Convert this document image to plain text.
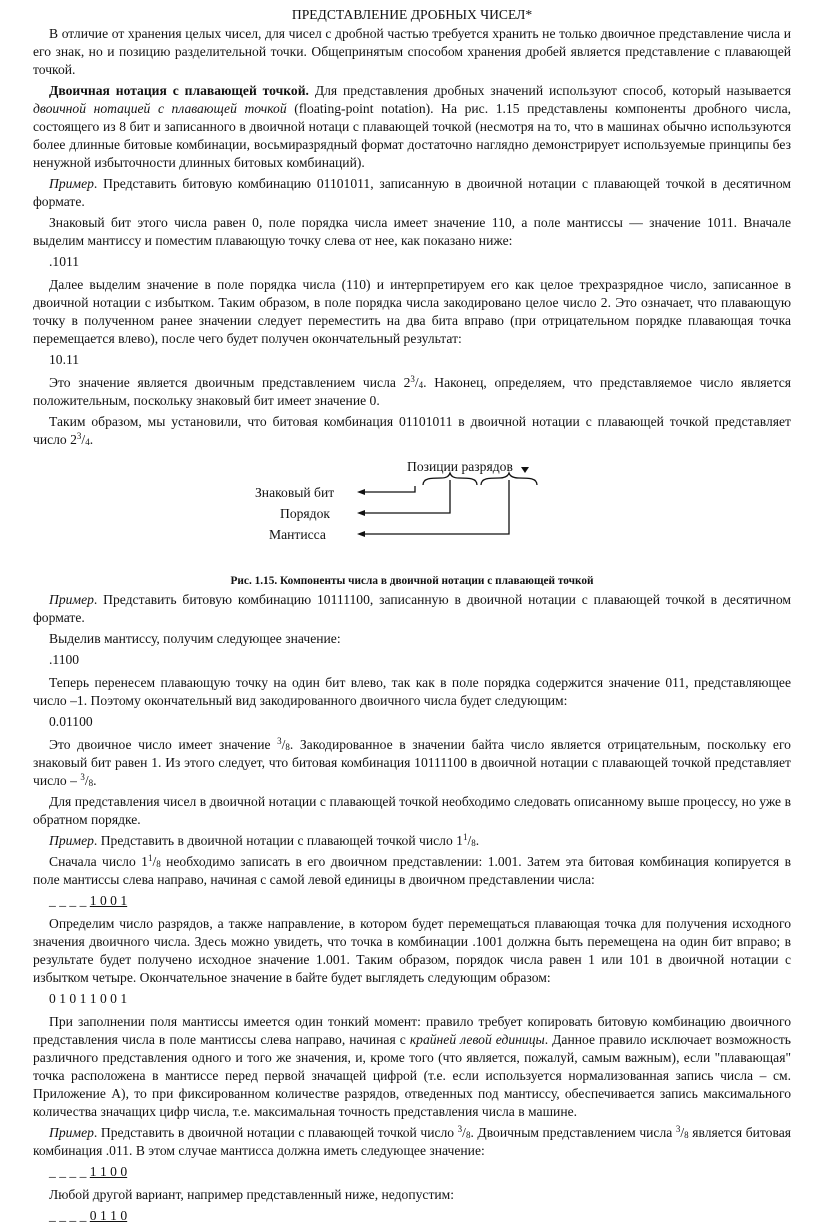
ПРЕДСТАВЛЕНИЕ ДРОБНЫХ ЧИСЕЛ*

В отличие от хранения целых чисел, для чисел с дробной частью требуется хранить не только двоичное представление числа и его знак, но и позицию разделительной точки. Общепринятым способом хранения дробей является представление с плавающей точкой.

Двоичная нотация с плавающей точкой. Для представления дробных значений используют способ, который называется двоичной нотацией с плавающей точкой (floating-point notation). На рис. 1.15 представлены компоненты дробного числа, состоящего из 8 бит и записанного в двоичной нотаци с плавающей точкой (несмотря на то, что в машинах обычно используются более длинные битовые комбинации, восьмиразрядный формат достаточно наглядно демонстрирует используемые принципы без ненужной избыточности длинных битовых комбинаций).

Пример. Представить битовую комбинацию 01101011, записанную в двоичной нотации с плавающей точкой в десятичном формате.

Знаковый бит этого числа равен 0, поле порядка числа имеет значение 110, а поле мантиссы — значение 1011. Вначале выделим мантиссу и поместим плавающую точку слева от нее, как показано ниже:

.1011

Далее выделим значение в поле порядка числа (110) и интерпретируем его как целое трехразрядное число, записанное в двоичной нотации с избытком. Таким образом, в поле порядка числа закодировано целое число 2. Это означает, что плавающую точку в полученном ранее значении следует переместить на два бита вправо (при отрицательном порядке плавающая точка перемещается влево), после чего будет получен окончательный результат:

10.11

Это значение является двоичным представлением числа $2^3/_4$. Наконец, определяем, что представляемое число является положительным, поскольку знаковый бит имеет значение 0.

Таким образом, мы установили, что битовая комбинация 01101011 в двоичной нотации с плавающей точкой представляет число $2^3/_4$.

Позиции разрядов
Знаковый бит
Порядок
Мантисса
Рис. 1.15. Компоненты числа в двоичной нотации с плавающей точкой

Пример. Представить битовую комбинацию 10111100, записанную в двоичной нотации с плавающей точкой в десятичном формате.

Выделив мантиссу, получим следующее значение:

.1100

Теперь перенесем плавающую точку на один бит влево, так как в поле порядка содержится значение 011, представляющее число –1. Поэтому окончательный вид закодированного двоичного числа будет следующим:

0.01100

Это двоичное число имеет значение $^3/_8$. Закодированное в значении байта число является отрицательным, поскольку его знаковый бит равен 1. Из этого следует, что битовая комбинация 10111100 в двоичной нотации с плавающей точкой представляет число – $^3/_8$.

Для представления чисел в двоичной нотации с плавающей точкой необходимо следовать описанному выше процессу, но уже в обратном порядке.

Пример. Представить в двоичной нотации с плавающей точкой число $1^1/_8$.

Сначала число $1^1/_8$ необходимо записать в его двоичном представлении: 1.001. Затем эта битовая комбинация копируется в поле мантиссы слева направо, начиная с самой левой единицы в двоичном представлении числа:

_ _ _ _ 1 0 0 1

Определим число разрядов, а также направление, в котором будет перемещаться плавающая точка для получения исходного значения двоичного числа. Здесь можно увидеть, что точка в комбинации .1001 должна быть перемещена на один бит вправо; в результате будет получено исходное значение 1.001. Таким образом, порядок числа равен 1 или 101 в двоичной нотации с избытком четыре. Окончательное значение в байте будет выглядеть следующим образом:

0 1 0 1 1 0 0 1

При заполнении поля мантиссы имеется один тонкий момент: правило требует копировать битовую комбинацию двоичного представления числа в поле мантиссы слева направо, начиная с крайней левой единицы. Данное правило исключает возможность различного представления одного и того же значения, и, кроме того (что является, пожалуй, самым важным), если "плавающая" точка расположена в мантиссе перед первой значащей цифрой (т.е. если используется нормализованная запись числа – см. Приложение А), то при фиксированном количестве разрядов, отведенных под мантиссу, обеспечивается запись максимального количества значащих цифр числа, т.е. максимальная точность представления числа в машине.

Пример. Представить в двоичной нотации с плавающей точкой число $^3/_8$. Двоичным представлением числа $^3/_8$ является битовая комбинация .011. В этом случае мантисса должна иметь следующее значение:

_ _ _ _ 1 1 0 0

Любой другой вариант, например представленный ниже, недопустим:

_ _ _ _ 0 1 1 0
